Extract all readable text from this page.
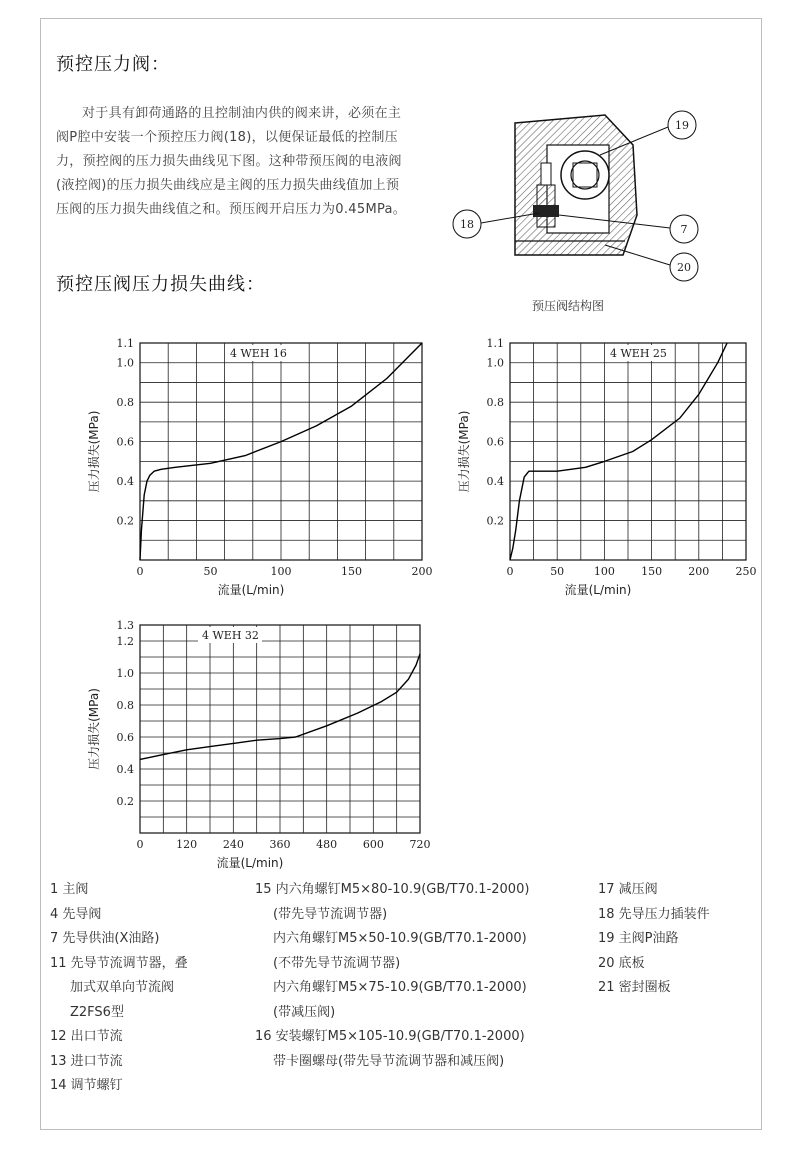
预控压力阀：
对于具有卸荷通路的且控制油内供的阀来讲，必须在主
阀P腔中安装一个预控压力阀(18)，以便保证最低的控制压
力，预控阀的压力损失曲线见下图。这种带预压阀的电液阀
(液控阀)的压力损失曲线应是主阀的压力损失曲线值加上预
压阀的压力损失曲线值之和。预压阀开启压力为0.45MPa。
预控压阀压力损失曲线：
19
18	7
20
预压阀结构图
4 WEH 16
0.2
0.4
0.6
0.8
1.0
1.1
0	50	100	150	200
流量(L/min)
压力损失(MPa)
4 WEH 25
0.2
0.4
0.6
0.8
1.0
1.1
0	50	100 150 200 250
流量(L/min)
压力损失(MPa)
4 WEH 32
0.2
0.4
0.6
0.8
1.0
1.2
1.3
0	120 240 360 480 600 720
流量(L/min)
压力损失(MPa)
1 主阀
4 先导阀
7 先导供油(X油路)
11 先导节流调节器，叠
加式双单向节流阀
Z2FS6型
12 出口节流
13 进口节流
14 调节螺钉
15 内六角螺钉M5×80-10.9(GB/T70.1-2000)
(带先导节流调节器)
内六角螺钉M5×50-10.9(GB/T70.1-2000)
(不带先导节流调节器)
内六角螺钉M5×75-10.9(GB/T70.1-2000)
(带减压阀)
16 安装螺钉M5×105-10.9(GB/T70.1-2000)
带卡圈螺母(带先导节流调节器和减压阀)
17 减压阀
18 先导压力插装件
19 主阀P油路
20 底板
21 密封圈板
